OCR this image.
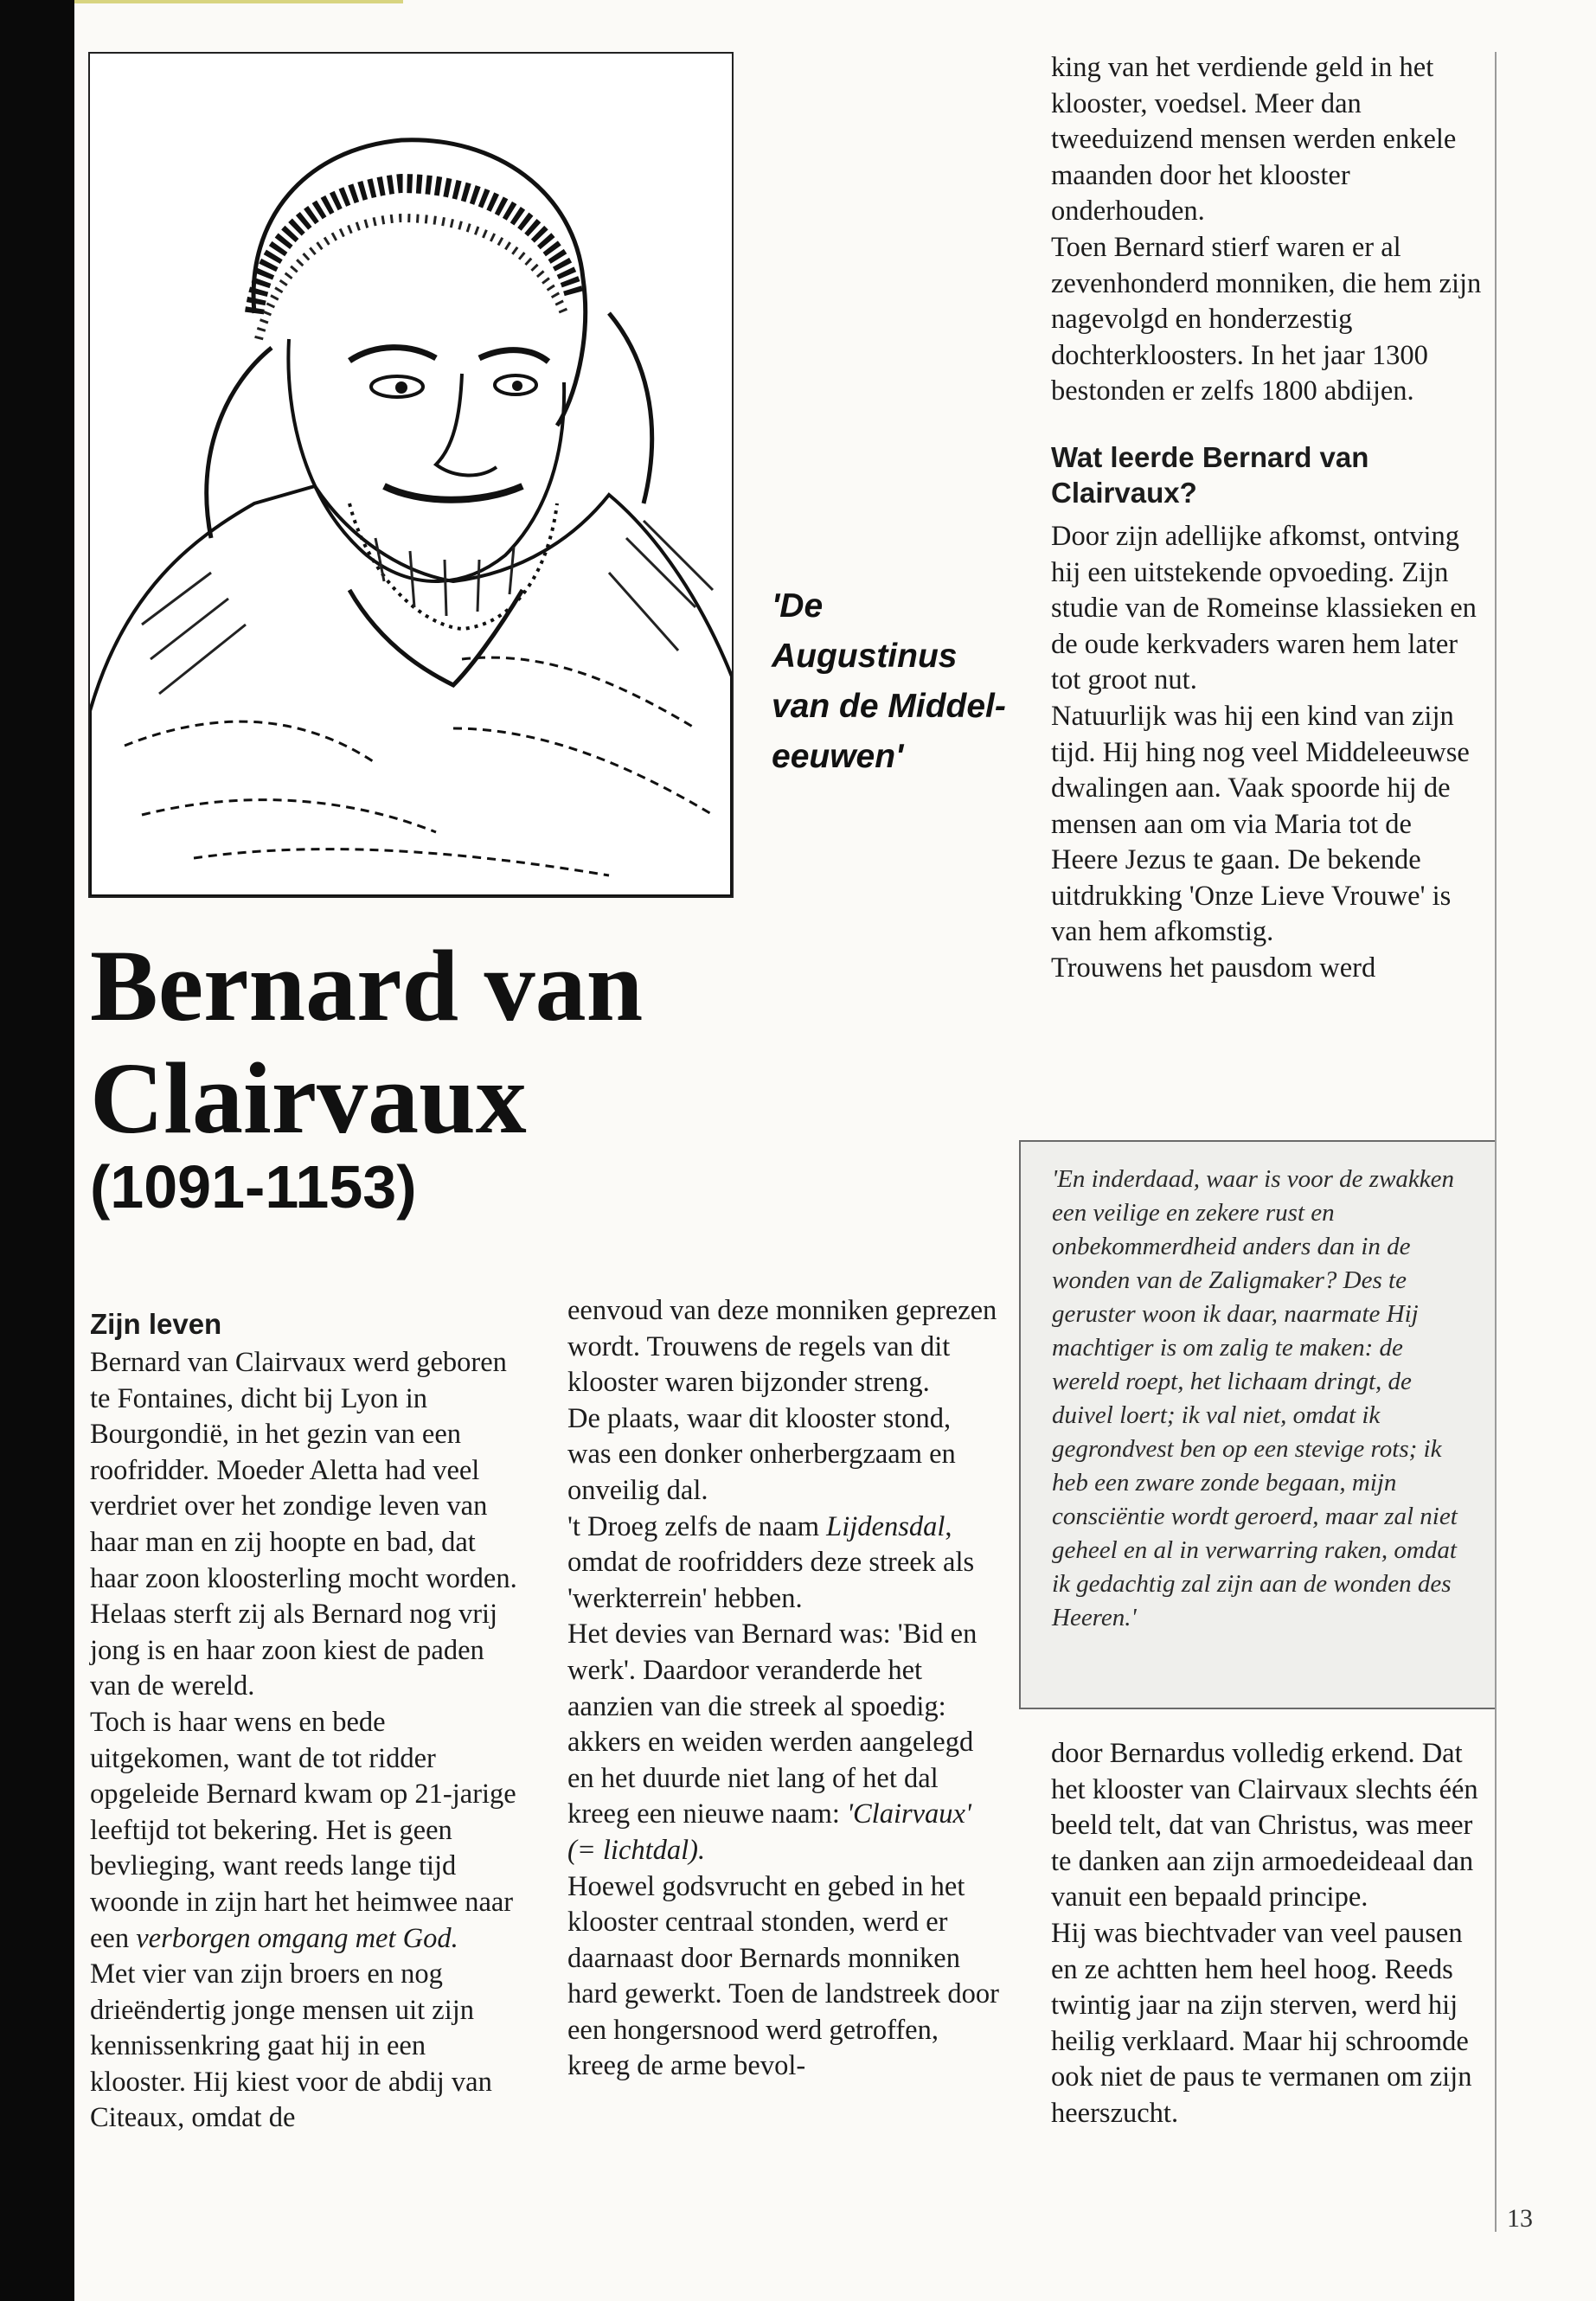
'De Augustinus van de Middel- eeuwen'

Bernard van
Clairvaux
(1091-1153)
Zijn leven

Bernard van Clairvaux werd geboren te Fontaines, dicht bij Lyon in Bourgondië, in het gezin van een roofridder. Moeder Aletta had veel verdriet over het zondige leven van haar man en zij hoopte en bad, dat haar zoon kloosterling mocht worden. Helaas sterft zij als Bernard nog vrij jong is en haar zoon kiest de paden van de wereld.

Toch is haar wens en bede uitgekomen, want de tot ridder opgeleide Bernard kwam op 21-jarige leeftijd tot bekering. Het is geen bevlieging, want reeds lange tijd woonde in zijn hart het heimwee naar een verborgen omgang met God.

Met vier van zijn broers en nog drieëndertig jonge mensen uit zijn kennissenkring gaat hij in een klooster. Hij kiest voor de abdij van Citeaux, omdat de

eenvoud van deze monniken geprezen wordt. Trouwens de regels van dit klooster waren bijzonder streng.

De plaats, waar dit klooster stond, was een donker onherbergzaam en onveilig dal.

't Droeg zelfs de naam Lijdensdal, omdat de roofridders deze streek als 'werkterrein' hebben.

Het devies van Bernard was: 'Bid en werk'. Daardoor veranderde het aanzien van die streek al spoedig: akkers en weiden werden aangelegd en het duurde niet lang of het dal kreeg een nieuwe naam: 'Clairvaux' (= lichtdal).

Hoewel godsvrucht en gebed in het klooster centraal stonden, werd er daarnaast door Bernards monniken hard gewerkt. Toen de landstreek door een hongersnood werd getroffen, kreeg de arme bevol-

king van het verdiende geld in het klooster, voedsel. Meer dan tweeduizend mensen werden enkele maanden door het klooster onderhouden.

Toen Bernard stierf waren er al zevenhonderd monniken, die hem zijn nagevolgd en honderzestig dochterkloosters. In het jaar 1300 bestonden er zelfs 1800 abdijen.

Wat leerde Bernard van Clairvaux?

Door zijn adellijke afkomst, ontving hij een uitstekende opvoeding. Zijn studie van de Romeinse klassieken en de oude kerkvaders waren hem later tot groot nut.

Natuurlijk was hij een kind van zijn tijd. Hij hing nog veel Middeleeuwse dwalingen aan. Vaak spoorde hij de mensen aan om via Maria tot de Heere Jezus te gaan. De bekende uitdrukking 'Onze Lieve Vrouwe' is van hem afkomstig.

Trouwens het pausdom werd

'En inderdaad, waar is voor de zwakken een veilige en zekere rust en onbekommerdheid anders dan in de wonden van de Zaligmaker? Des te geruster woon ik daar, naarmate Hij machtiger is om zalig te maken: de wereld roept, het lichaam dringt, de duivel loert; ik val niet, omdat ik gegrondvest ben op een stevige rots; ik heb een zware zonde begaan, mijn consciëntie wordt geroerd, maar zal niet geheel en al in verwarring raken, omdat ik gedachtig zal zijn aan de wonden des Heeren.'

door Bernardus volledig erkend. Dat het klooster van Clairvaux slechts één beeld telt, dat van Christus, was meer te danken aan zijn armoedeideaal dan vanuit een bepaald principe.

Hij was biechtvader van veel pausen en ze achtten hem heel hoog. Reeds twintig jaar na zijn sterven, werd hij heilig verklaard. Maar hij schroomde ook niet de paus te vermanen om zijn heerszucht.

13
